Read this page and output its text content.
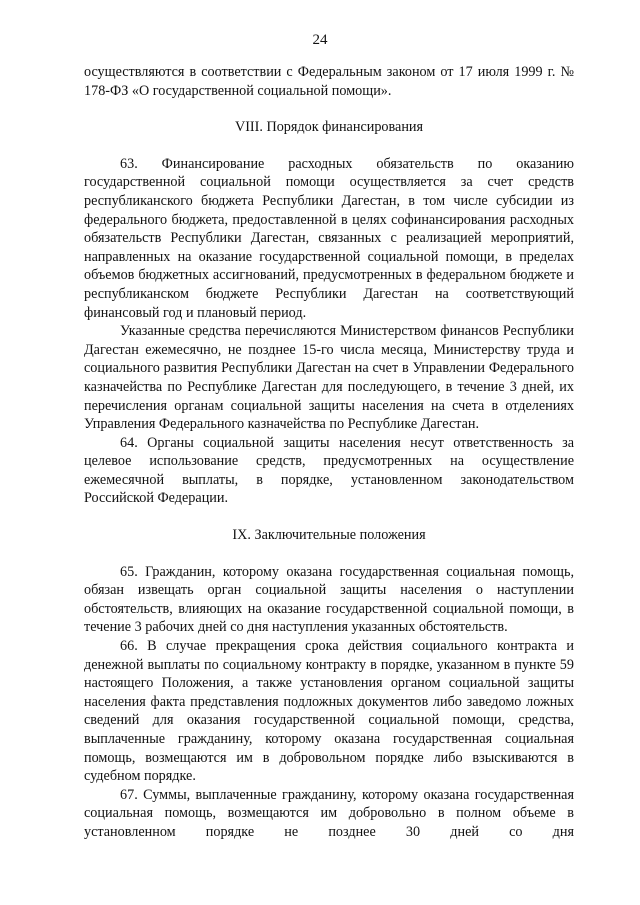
24

осуществляются в соответствии с Федеральным законом от 17 июля 1999 г. № 178-ФЗ «О государственной социальной помощи».

VIII. Порядок финансирования

63. Финансирование расходных обязательств по оказанию государственной социальной помощи осуществляется за счет средств республиканского бюджета Республики Дагестан, в том числе субсидии из федерального бюджета, предоставленной в целях софинансирования расходных обязательств Республики Дагестан, связанных с реализацией мероприятий, направленных на оказание государственной социальной помощи, в пределах объемов бюджетных ассигнований, предусмотренных в федеральном бюджете и республиканском бюджете Республики Дагестан на соответствующий финансовый год и плановый период.

Указанные средства перечисляются Министерством финансов Республики Дагестан ежемесячно, не позднее 15-го числа месяца, Министерству труда и социального развития Республики Дагестан на счет в Управлении Федерального казначейства по Республике Дагестан для последующего, в течение 3 дней, их перечисления органам социальной защиты населения на счета в отделениях Управления Федерального казначейства по Республике Дагестан.

64. Органы социальной защиты населения несут ответственность за целевое использование средств, предусмотренных на осуществление ежемесячной выплаты, в порядке, установленном законодательством Российской Федерации.

IX. Заключительные положения

65. Гражданин, которому оказана государственная социальная помощь, обязан извещать орган социальной защиты населения о наступлении обстоятельств, влияющих на оказание государственной социальной помощи, в течение 3 рабочих дней со дня наступления указанных обстоятельств.

66. В случае прекращения срока действия социального контракта и денежной выплаты по социальному контракту в порядке, указанном в пункте 59 настоящего Положения, а также установления органом социальной защиты населения факта представления подложных документов либо заведомо ложных сведений для оказания государственной социальной помощи, средства, выплаченные гражданину, которому оказана государственная социальная помощь, возмещаются им в добровольном порядке либо взыскиваются в судебном порядке.

67. Суммы, выплаченные гражданину, которому оказана государственная социальная помощь, возмещаются им добровольно в полном объеме в установленном порядке не позднее 30 дней со дня
